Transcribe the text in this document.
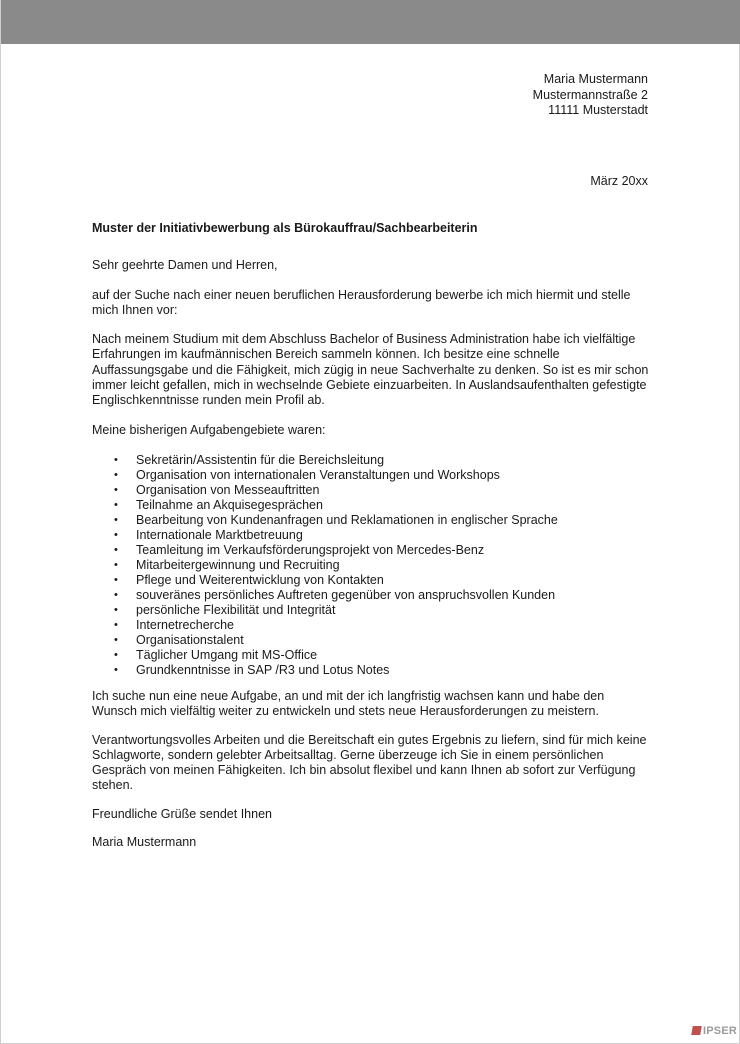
Maria Mustermann
Mustermannstraße 2
11111 Musterstadt
März 20xx
Muster der Initiativbewerbung als Bürokauffrau/Sachbearbeiterin
Sehr geehrte Damen und Herren,
auf der Suche nach einer neuen beruflichen Herausforderung bewerbe ich mich hiermit und stelle mich Ihnen vor:
Nach meinem Studium mit dem Abschluss Bachelor of Business Administration habe ich vielfältige Erfahrungen im kaufmännischen Bereich sammeln können. Ich besitze eine schnelle Auffassungsgabe und die Fähigkeit, mich zügig in neue Sachverhalte zu denken. So ist es mir schon immer leicht gefallen, mich in wechselnde Gebiete einzuarbeiten. In Auslandsaufenthalten gefestigte Englischkenntnisse runden mein Profil ab.
Meine bisherigen Aufgabengebiete waren:
• Sekretärin/Assistentin für die Bereichsleitung
• Organisation von internationalen Veranstaltungen und Workshops
• Organisation von Messeauftritten
• Teilnahme an Akquisegesprächen
• Bearbeitung von Kundenanfragen und Reklamationen in englischer Sprache
• Internationale Marktbetreuung
• Teamleitung im Verkaufsförderungsprojekt von Mercedes-Benz
• Mitarbeitergewinnung und Recruiting
• Pflege und Weiterentwicklung von Kontakten
• souveränes persönliches Auftreten gegenüber von anspruchsvollen Kunden
• persönliche Flexibilität und Integrität
• Internetrecherche
• Organisationstalent
• Täglicher Umgang mit MS-Office
• Grundkenntnisse in SAP /R3 und Lotus Notes
Ich suche nun eine neue Aufgabe, an und mit der ich langfristig wachsen kann und habe den Wunsch mich vielfältig weiter zu entwickeln und stets neue Herausforderungen zu meistern.
Verantwortungsvolles Arbeiten und die Bereitschaft ein gutes Ergebnis zu liefern, sind für mich keine Schlagworte, sondern gelebter Arbeitsalltag. Gerne überzeuge ich Sie in einem persönlichen Gespräch von meinen Fähigkeiten. Ich bin absolut flexibel und kann Ihnen ab sofort zur Verfügung stehen.
Freundliche Grüße sendet Ihnen
Maria Mustermann
IPSER
